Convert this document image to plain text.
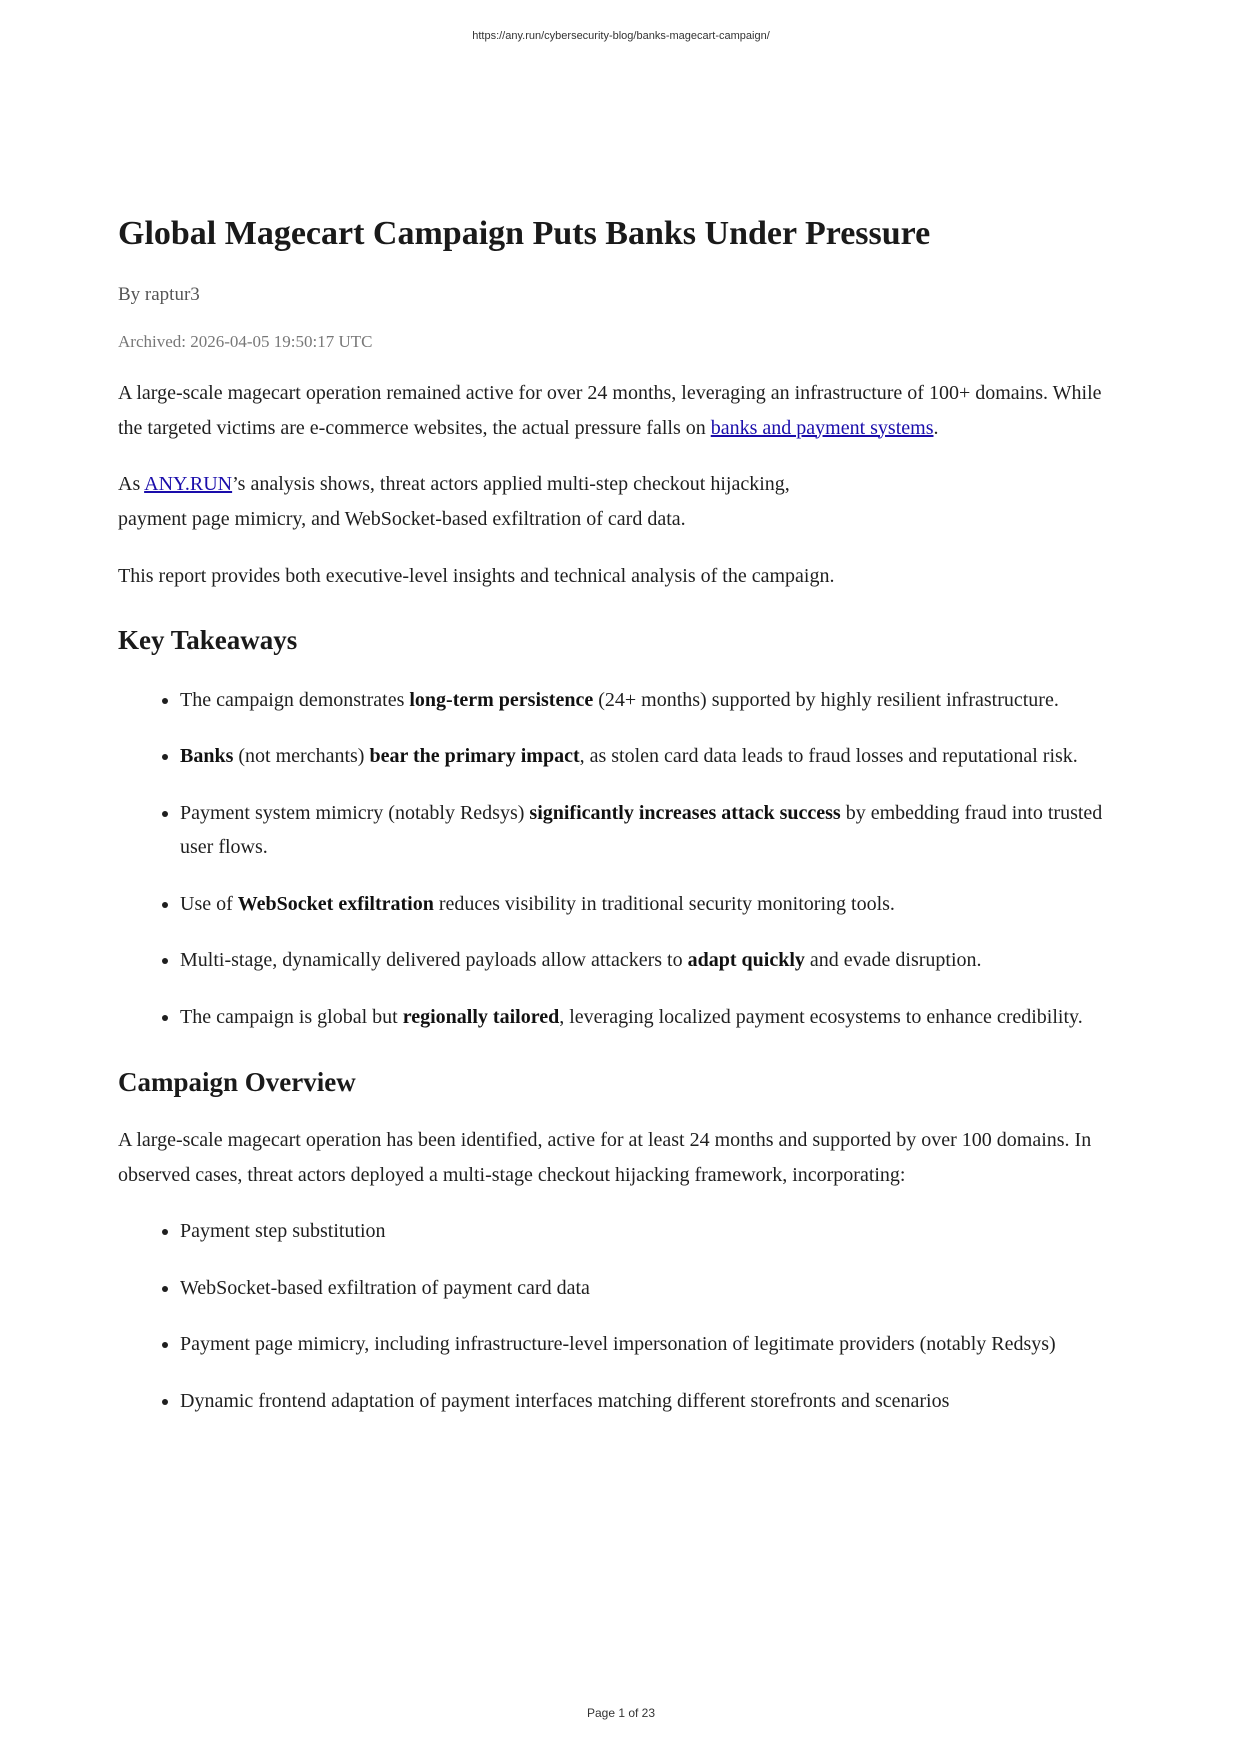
https://any.run/cybersecurity-blog/banks-magecart-campaign/
Global Magecart Campaign Puts Banks Under Pressure
By raptur3
Archived: 2026-04-05 19:50:17 UTC

A large-scale magecart operation remained active for over 24 months, leveraging an infrastructure of 100+ domains. While the targeted victims are e-commerce websites, the actual pressure falls on banks and payment systems.

As ANY.RUN’s analysis shows, threat actors applied multi-step checkout hijacking,
payment page mimicry, and WebSocket-based exfiltration of card data.

This report provides both executive-level insights and technical analysis of the campaign.

Key Takeaways
• The campaign demonstrates long-term persistence (24+ months) supported by highly resilient infrastructure.
• Banks (not merchants) bear the primary impact, as stolen card data leads to fraud losses and reputational risk.
• Payment system mimicry (notably Redsys) significantly increases attack success by embedding fraud into trusted user flows.
• Use of WebSocket exfiltration reduces visibility in traditional security monitoring tools.
• Multi-stage, dynamically delivered payloads allow attackers to adapt quickly and evade disruption.
• The campaign is global but regionally tailored, leveraging localized payment ecosystems to enhance credibility.
Campaign Overview

A large-scale magecart operation has been identified, active for at least 24 months and supported by over 100 domains. In observed cases, threat actors deployed a multi-stage checkout hijacking framework, incorporating:

• Payment step substitution
• WebSocket-based exfiltration of payment card data
• Payment page mimicry, including infrastructure-level impersonation of legitimate providers (notably Redsys)
• Dynamic frontend adaptation of payment interfaces matching different storefronts and scenarios
Page 1 of 23
